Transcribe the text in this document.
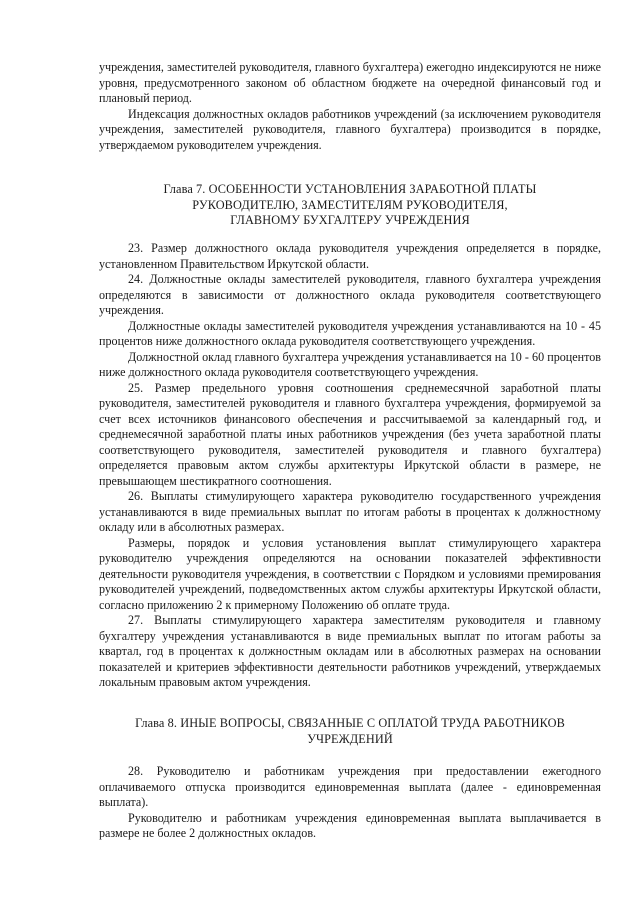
учреждения, заместителей руководителя, главного бухгалтера) ежегодно индексируются не ниже уровня, предусмотренного законом об областном бюджете на очередной финансовый год и плановый период.

Индексация должностных окладов работников учреждений (за исключением руководителя учреждения, заместителей руководителя, главного бухгалтера) производится в порядке, утверждаемом руководителем учреждения.

Глава 7. ОСОБЕННОСТИ УСТАНОВЛЕНИЯ ЗАРАБОТНОЙ ПЛАТЫ
РУКОВОДИТЕЛЮ, ЗАМЕСТИТЕЛЯМ РУКОВОДИТЕЛЯ,
ГЛАВНОМУ БУХГАЛТЕРУ УЧРЕЖДЕНИЯ

23. Размер должностного оклада руководителя учреждения определяется в порядке, установленном Правительством Иркутской области.

24. Должностные оклады заместителей руководителя, главного бухгалтера учреждения определяются в зависимости от должностного оклада руководителя соответствующего учреждения.

Должностные оклады заместителей руководителя учреждения устанавливаются на 10 - 45 процентов ниже должностного оклада руководителя соответствующего учреждения.

Должностной оклад главного бухгалтера учреждения устанавливается на 10 - 60 процентов ниже должностного оклада руководителя соответствующего учреждения.

25. Размер предельного уровня соотношения среднемесячной заработной платы руководителя, заместителей руководителя и главного бухгалтера учреждения, формируемой за счет всех источников финансового обеспечения и рассчитываемой за календарный год, и среднемесячной заработной платы иных работников учреждения (без учета заработной платы соответствующего руководителя, заместителей руководителя и главного бухгалтера) определяется правовым актом службы архитектуры Иркутской области в размере, не превышающем шестикратного соотношения.

26. Выплаты стимулирующего характера руководителю государственного учреждения устанавливаются в виде премиальных выплат по итогам работы в процентах к должностному окладу или в абсолютных размерах.

Размеры, порядок и условия установления выплат стимулирующего характера руководителю учреждения определяются на основании показателей эффективности деятельности руководителя учреждения, в соответствии с Порядком и условиями премирования руководителей учреждений, подведомственных актом службы архитектуры Иркутской области, согласно приложению 2 к примерному Положению об оплате труда.

27. Выплаты стимулирующего характера заместителям руководителя и главному бухгалтеру учреждения устанавливаются в виде премиальных выплат по итогам работы за квартал, год в процентах к должностным окладам или в абсолютных размерах на основании показателей и критериев эффективности деятельности работников учреждений, утверждаемых локальным правовым актом учреждения.

Глава 8. ИНЫЕ ВОПРОСЫ, СВЯЗАННЫЕ С ОПЛАТОЙ ТРУДА РАБОТНИКОВ
УЧРЕЖДЕНИЙ

28. Руководителю и работникам учреждения при предоставлении ежегодного оплачиваемого отпуска производится единовременная выплата (далее - единовременная выплата).

Руководителю и работникам учреждения единовременная выплата выплачивается в размере не более 2 должностных окладов.
